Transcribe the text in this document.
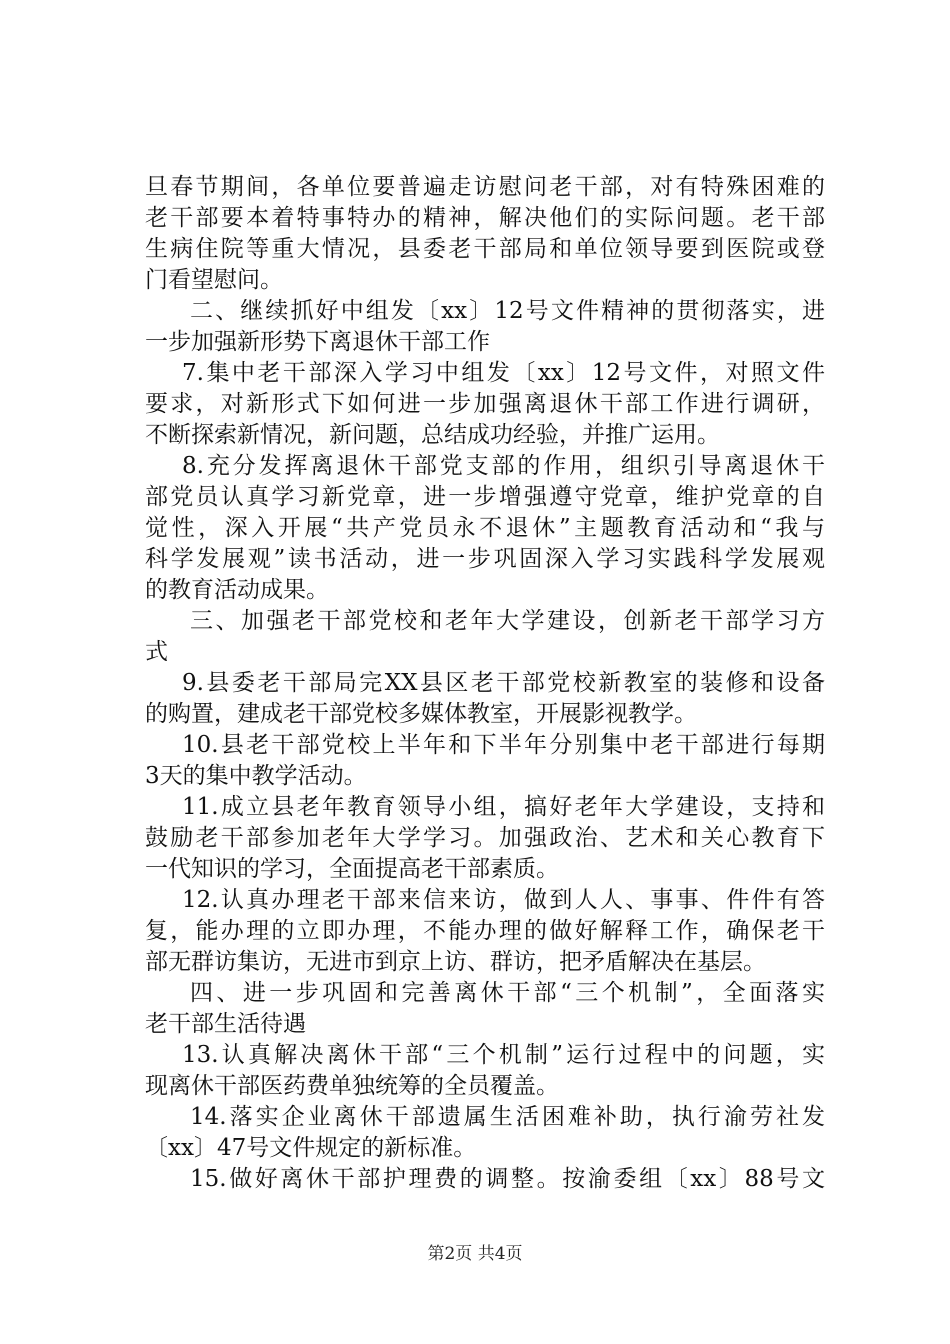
旦春节期间，各单位要普遍走访慰问老干部，对有特殊困难的
老干部要本着特事特办的精神，解决他们的实际问题。老干部
生病住院等重大情况，县委老干部局和单位领导要到医院或登
门看望慰问。
二、继续抓好中组发〔xx〕12号文件精神的贯彻落实，进
一步加强新形势下离退休干部工作
7.集中老干部深入学习中组发〔xx〕12号文件，对照文件
要求，对新形式下如何进一步加强离退休干部工作进行调研，
不断探索新情况，新问题，总结成功经验，并推广运用。
8.充分发挥离退休干部党支部的作用，组织引导离退休干
部党员认真学习新党章，进一步增强遵守党章，维护党章的自
觉性，深入开展“共产党员永不退休”主题教育活动和“我与
科学发展观”读书活动，进一步巩固深入学习实践科学发展观
的教育活动成果。
三、加强老干部党校和老年大学建设，创新老干部学习方
式
9.县委老干部局完XX县区老干部党校新教室的装修和设备
的购置，建成老干部党校多媒体教室，开展影视教学。
10.县老干部党校上半年和下半年分别集中老干部进行每期
3天的集中教学活动。
11.成立县老年教育领导小组，搞好老年大学建设，支持和
鼓励老干部参加老年大学学习。加强政治、艺术和关心教育下
一代知识的学习，全面提高老干部素质。
12.认真办理老干部来信来访，做到人人、事事、件件有答
复，能办理的立即办理，不能办理的做好解释工作，确保老干
部无群访集访，无进市到京上访、群访，把矛盾解决在基层。
四、进一步巩固和完善离休干部“三个机制”，全面落实
老干部生活待遇
13.认真解决离休干部“三个机制”运行过程中的问题，实
现离休干部医药费单独统筹的全员覆盖。
14.落实企业离休干部遗属生活困难补助，执行渝劳社发
〔xx〕47号文件规定的新标准。
15.做好离休干部护理费的调整。按渝委组〔xx〕88号文
第2页 共4页
